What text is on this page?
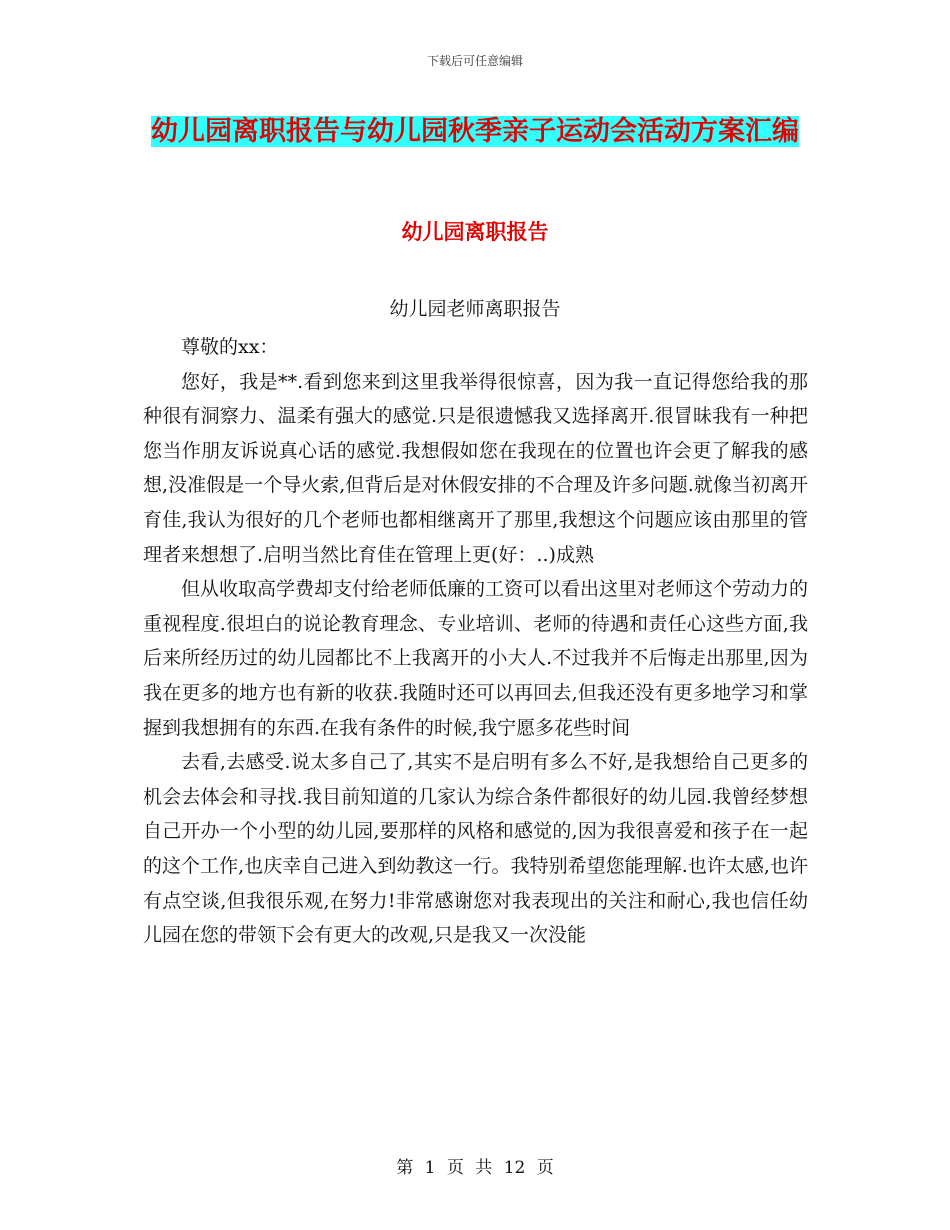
下载后可任意编辑
幼儿园离职报告与幼儿园秋季亲子运动会活动方案汇编
幼儿园离职报告
幼儿园老师离职报告

尊敬的xx：

您好，我是**.看到您来到这里我举得很惊喜，因为我一直记得您给我的那种很有洞察力、温柔有强大的感觉.只是很遗憾我又选择离开.很冒昧我有一种把您当作朋友诉说真心话的感觉.我想假如您在我现在的位置也许会更了解我的感想,没准假是一个导火索,但背后是对休假安排的不合理及许多问题.就像当初离开育佳,我认为很好的几个老师也都相继离开了那里,我想这个问题应该由那里的管理者来想想了.启明当然比育佳在管理上更(好：..)成熟

但从收取高学费却支付给老师低廉的工资可以看出这里对老师这个劳动力的重视程度.很坦白的说论教育理念、专业培训、老师的待遇和责任心这些方面,我后来所经历过的幼儿园都比不上我离开的小大人.不过我并不后悔走出那里,因为我在更多的地方也有新的收获.我随时还可以再回去,但我还没有更多地学习和掌握到我想拥有的东西.在我有条件的时候,我宁愿多花些时间

去看,去感受.说太多自己了,其实不是启明有多么不好,是我想给自己更多的机会去体会和寻找.我目前知道的几家认为综合条件都很好的幼儿园.我曾经梦想自己开办一个小型的幼儿园,要那样的风格和感觉的,因为我很喜爱和孩子在一起的这个工作,也庆幸自己进入到幼教这一行。我特别希望您能理解.也许太感,也许有点空谈,但我很乐观,在努力!非常感谢您对我表现出的关注和耐心,我也信任幼儿园在您的带领下会有更大的改观,只是我又一次没能

第 1 页 共 12 页
